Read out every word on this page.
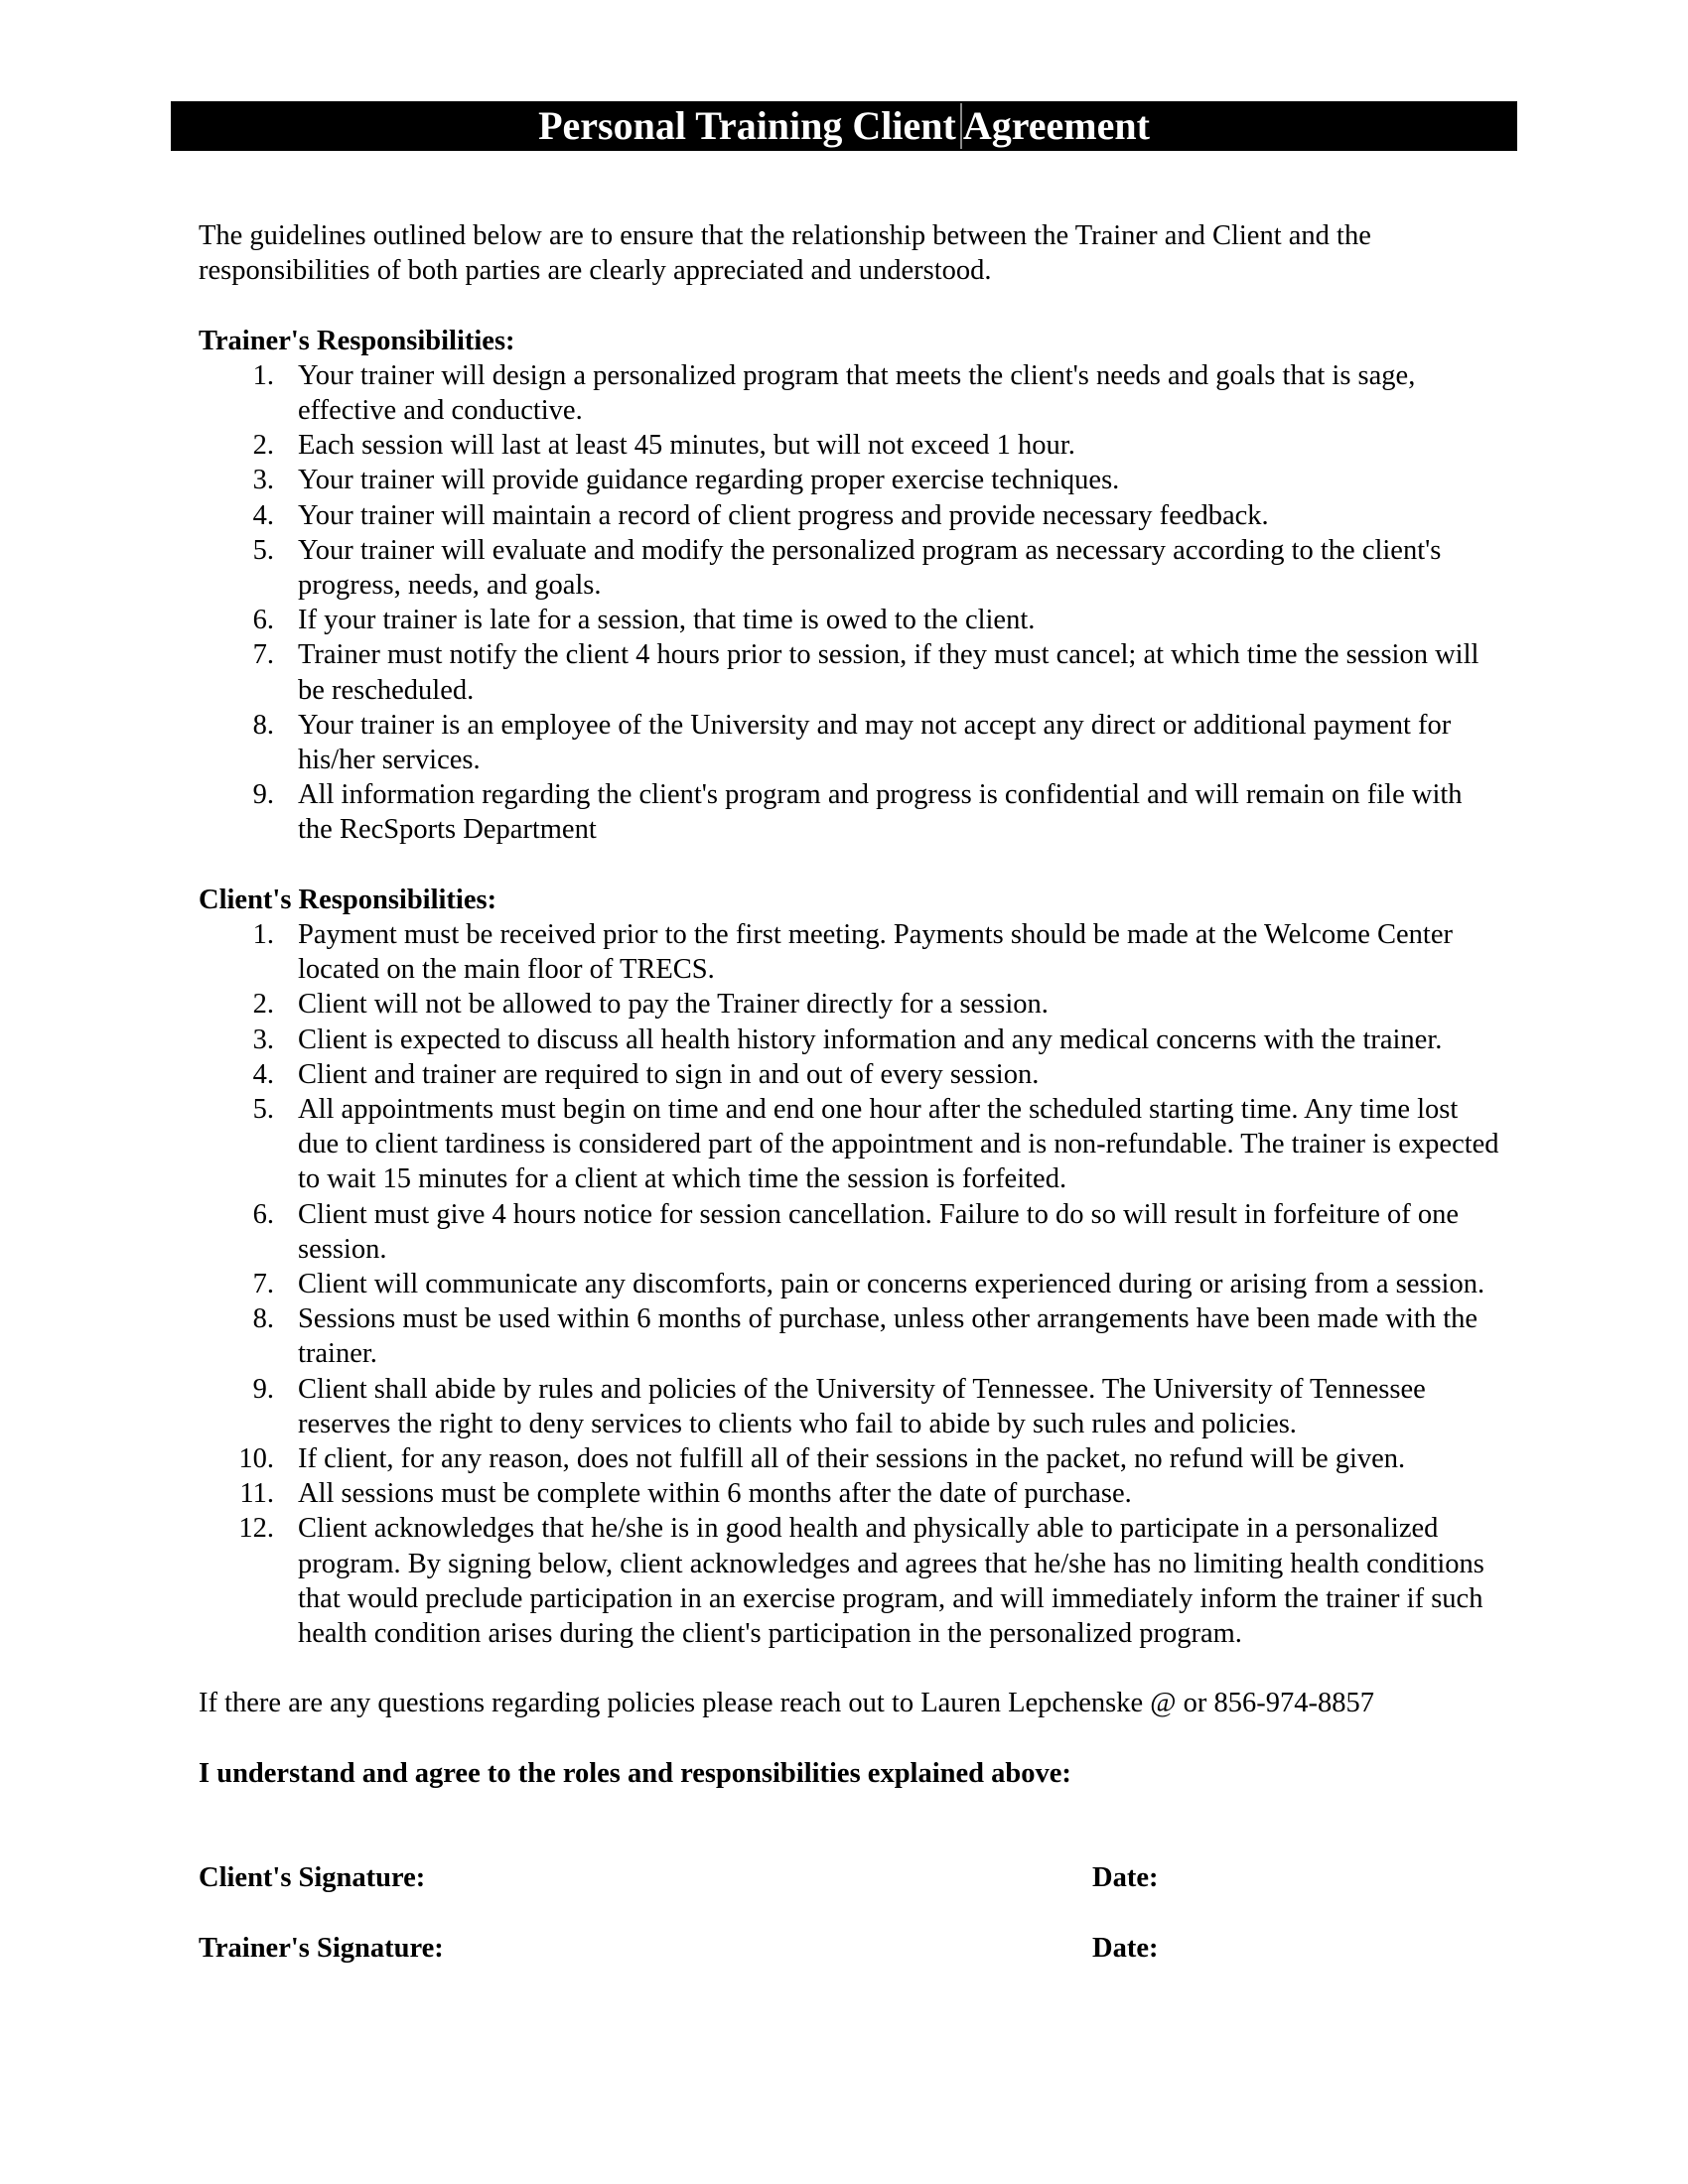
Personal Training Client Agreement

The guidelines outlined below are to ensure that the relationship between the Trainer and Client and the responsibilities of both parties are clearly appreciated and understood.

Trainer's Responsibilities:

1. Your trainer will design a personalized program that meets the client's needs and goals that is sage, effective and conductive.
2. Each session will last at least 45 minutes, but will not exceed 1 hour.
3. Your trainer will provide guidance regarding proper exercise techniques.
4. Your trainer will maintain a record of client progress and provide necessary feedback.
5. Your trainer will evaluate and modify the personalized program as necessary according to the client's progress, needs, and goals.
6. If your trainer is late for a session, that time is owed to the client.
7. Trainer must notify the client 4 hours prior to session, if they must cancel; at which time the session will be rescheduled.
8. Your trainer is an employee of the University and may not accept any direct or additional payment for his/her services.
9. All information regarding the client's program and progress is confidential and will remain on file with the RecSports Department

Client's Responsibilities:

1. Payment must be received prior to the first meeting. Payments should be made at the Welcome Center located on the main floor of TRECS.
2. Client will not be allowed to pay the Trainer directly for a session.
3. Client is expected to discuss all health history information and any medical concerns with the trainer.
4. Client and trainer are required to sign in and out of every session.
5. All appointments must begin on time and end one hour after the scheduled starting time. Any time lost due to client tardiness is considered part of the appointment and is non-refundable. The trainer is expected to wait 15 minutes for a client at which time the session is forfeited.
6. Client must give 4 hours notice for session cancellation. Failure to do so will result in forfeiture of one session.
7. Client will communicate any discomforts, pain or concerns experienced during or arising from a session.
8. Sessions must be used within 6 months of purchase, unless other arrangements have been made with the trainer.
9. Client shall abide by rules and policies of the University of Tennessee. The University of Tennessee reserves the right to deny services to clients who fail to abide by such rules and policies.
10. If client, for any reason, does not fulfill all of their sessions in the packet, no refund will be given.
11. All sessions must be complete within 6 months after the date of purchase.
12. Client acknowledges that he/she is in good health and physically able to participate in a personalized program. By signing below, client acknowledges and agrees that he/she has no limiting health conditions that would preclude participation in an exercise program, and will immediately inform the trainer if such health condition arises during the client's participation in the personalized program.

If there are any questions regarding policies please reach out to Lauren Lepchenske @ or 856-974-8857

I understand and agree to the roles and responsibilities explained above:

Client's Signature:	Date:
Trainer's Signature:	Date:
